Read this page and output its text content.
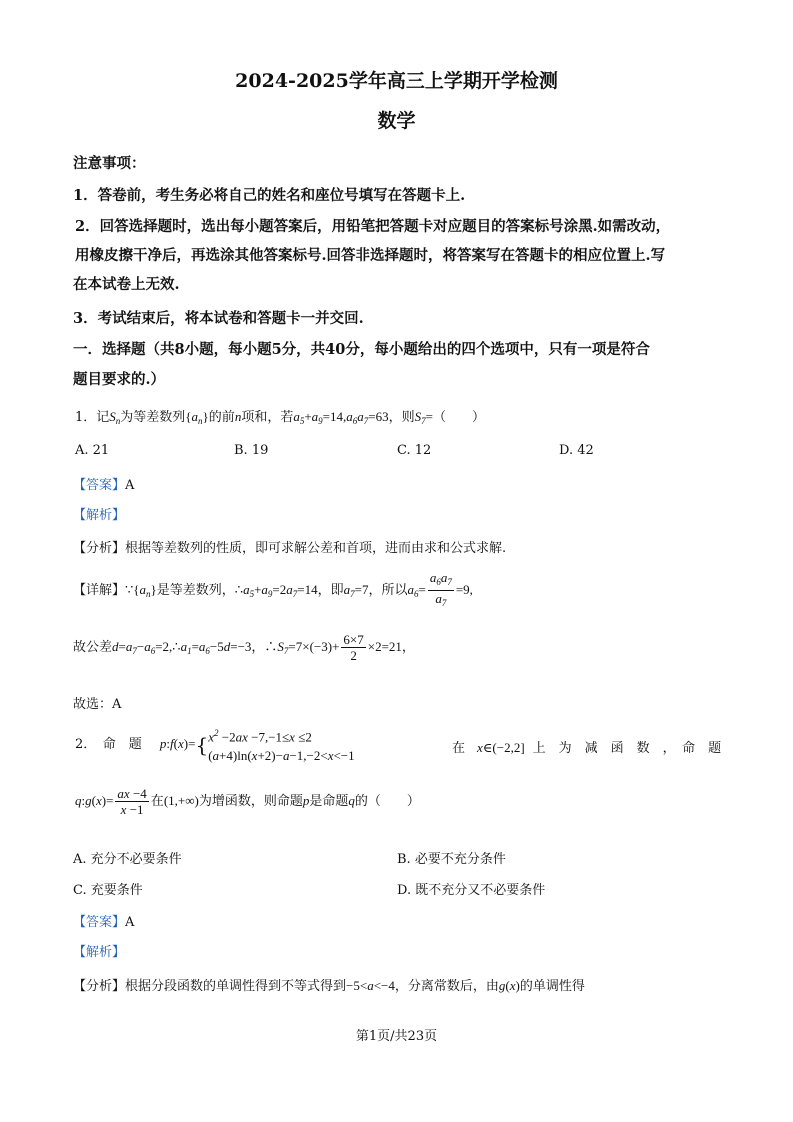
2024-2025学年高三上学期开学检测
数学
注意事项：
1．答卷前，考生务必将自己的姓名和座位号填写在答题卡上.
2．回答选择题时，选出每小题答案后，用铅笔把答题卡对应题目的答案标号涂黑.如需改动，
用橡皮擦干净后，再选涂其他答案标号.回答非选择题时，将答案写在答题卡的相应位置上.写
在本试卷上无效.
3．考试结束后，将本试卷和答题卡一并交回.
一．选择题（共8小题，每小题5分，共40分，每小题给出的四个选项中，只有一项是符合
题目要求的.）
1．记$S_n$为等差数列$\{a_n\}$的前n项和，若$a_5+a_9=14,a_6a_7=63$，则$S_7=$（　　）
A. 21	B. 19	C. 12	D. 42
【答案】A
【解析】
【分析】根据等差数列的性质，即可求解公差和首项，进而由求和公式求解.
【详解】$\because\{a_n\}$是等差数列，$\therefore a_5+a_9=2a_7=14$，即$a_7=7$，所以$a_6= \frac{a_6a_7}{a_7} =9$,
故公差$d=a_7-a_6=2,\therefore a_1=a_6-5d=-3$，$\therefore S_7=7\times(-3)+ \frac{6\times 7}{2} \times 2=21$，
故选：A
2．　命　题 p:f(x)={ $x^2 -2ax -7,-1\le x \le 2$
(a+4)ln(x+2)−a−1,−2<x<−1	在 x∈(−2,2] 上　为　减　函　数　，　命　题
q:g(x)= $\frac{ax -4}{x -1}$ 在(1,+∞)为增函数，则命题p是命题q的（　　）
A. 充分不必要条件	B. 必要不充分条件
C. 充要条件	D. 既不充分又不必要条件
【答案】A
【解析】
【分析】根据分段函数的单调性得到不等式得到−5<a<−4，分离常数后，由g(x)的单调性得
第1页/共23页
